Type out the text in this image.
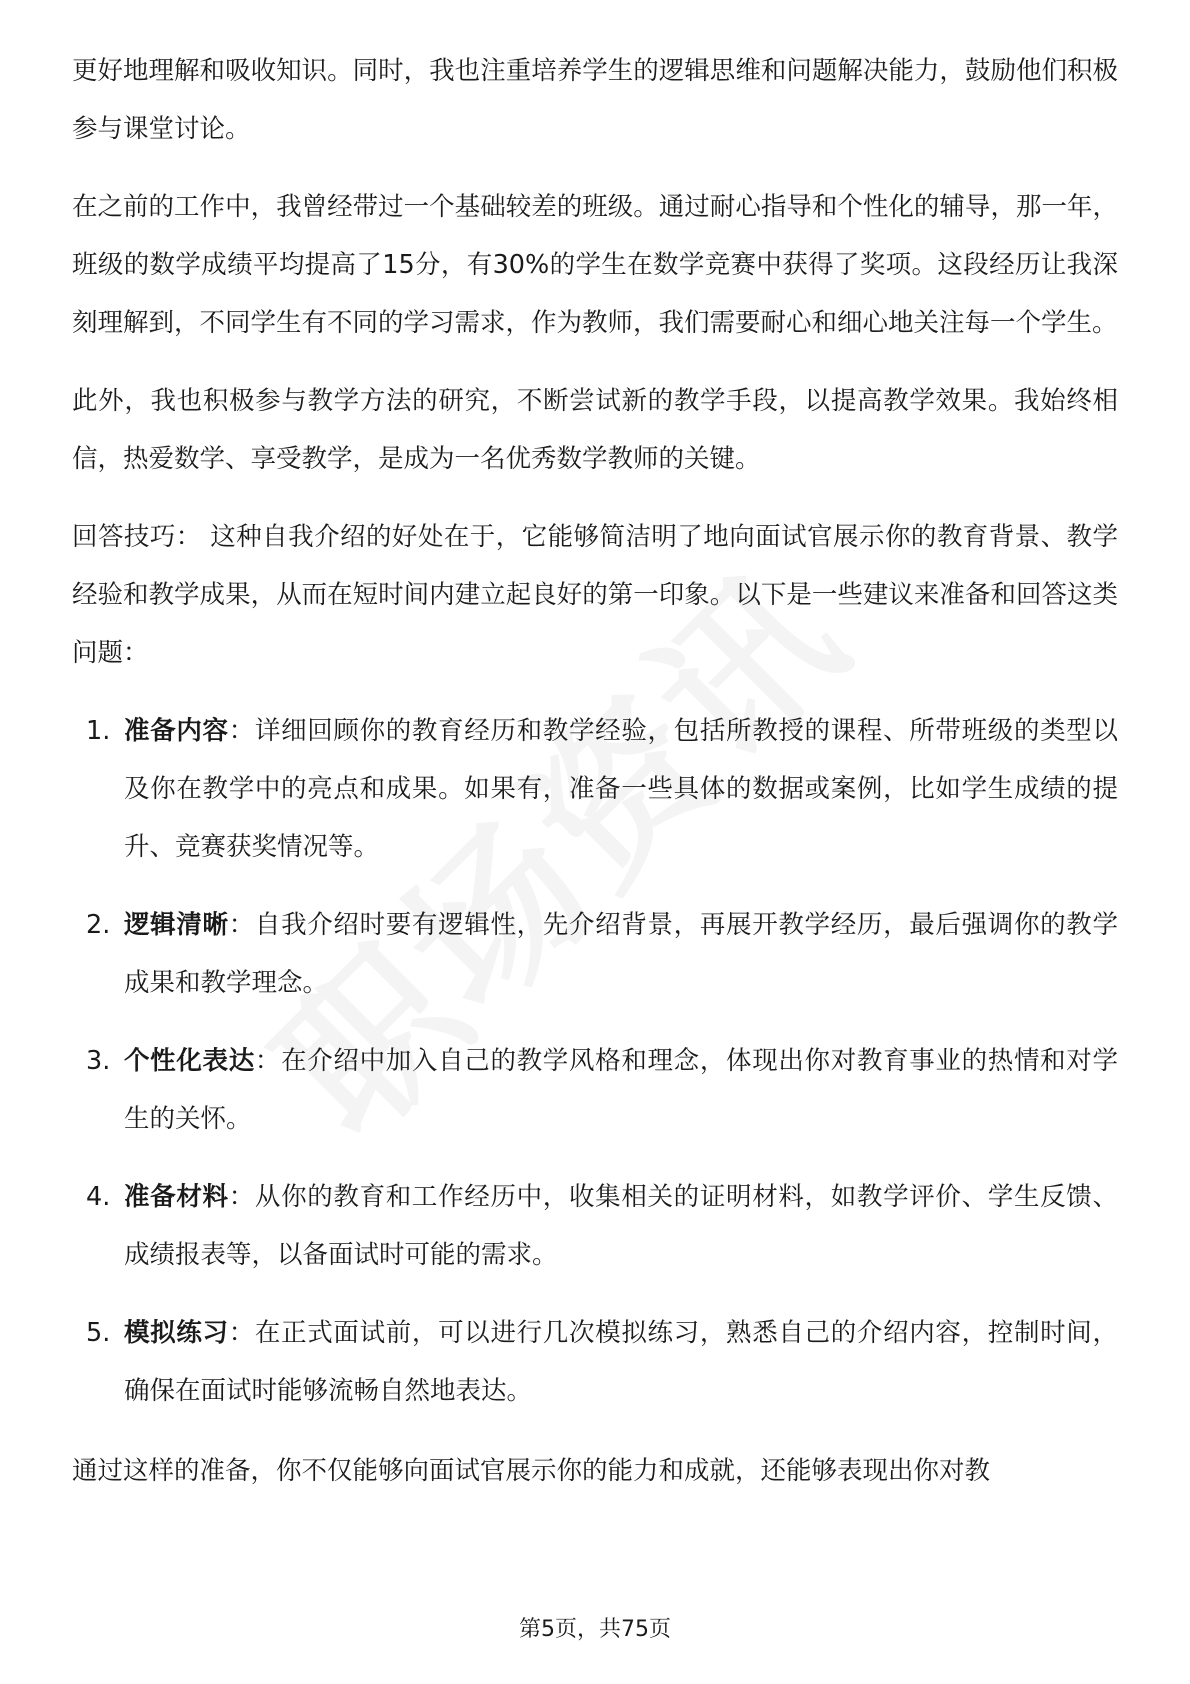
更好地理解和吸收知识。同时，我也注重培养学生的逻辑思维和问题解决能力，鼓励他们积极参与课堂讨论。

在之前的工作中，我曾经带过一个基础较差的班级。通过耐心指导和个性化的辅导，那一年，班级的数学成绩平均提高了15分，有30%的学生在数学竞赛中获得了奖项。这段经历让我深刻理解到，不同学生有不同的学习需求，作为教师，我们需要耐心和细心地关注每一个学生。

此外，我也积极参与教学方法的研究，不断尝试新的教学手段，以提高教学效果。我始终相信，热爱数学、享受教学，是成为一名优秀数学教师的关键。

回答技巧： 这种自我介绍的好处在于，它能够简洁明了地向面试官展示你的教育背景、教学经验和教学成果，从而在短时间内建立起良好的第一印象。以下是一些建议来准备和回答这类问题：

1. 准备内容：详细回顾你的教育经历和教学经验，包括所教授的课程、所带班级的类型以及你在教学中的亮点和成果。如果有，准备一些具体的数据或案例，比如学生成绩的提升、竞赛获奖情况等。
2. 逻辑清晰：自我介绍时要有逻辑性，先介绍背景，再展开教学经历，最后强调你的教学成果和教学理念。
3. 个性化表达：在介绍中加入自己的教学风格和理念，体现出你对教育事业的热情和对学生的关怀。
4. 准备材料：从你的教育和工作经历中，收集相关的证明材料，如教学评价、学生反馈、成绩报表等，以备面试时可能的需求。
5. 模拟练习：在正式面试前，可以进行几次模拟练习，熟悉自己的介绍内容，控制时间，确保在面试时能够流畅自然地表达。

通过这样的准备，你不仅能够向面试官展示你的能力和成就，还能够表现出你对教

第5页，共75页
